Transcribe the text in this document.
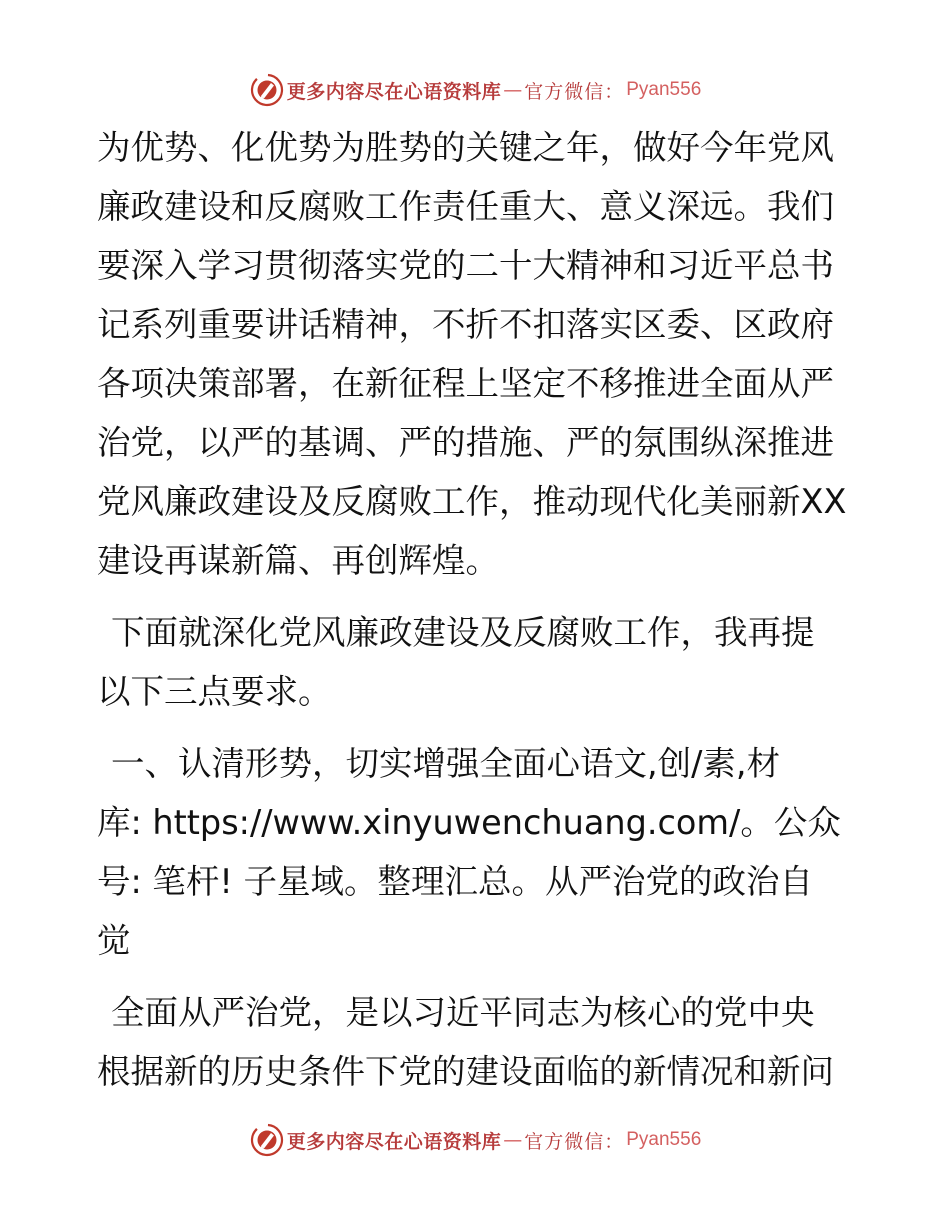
更多内容尽在心语资料库 — 官方微信： Pyan556
为优势、化优势为胜势的关键之年，做好今年党风
廉政建设和反腐败工作责任重大、意义深远。我们
要深入学习贯彻落实党的二十大精神和习近平总书
记系列重要讲话精神，不折不扣落实区委、区政府
各项决策部署，在新征程上坚定不移推进全面从严
治党，以严的基调、严的措施、严的氛围纵深推进
党风廉政建设及反腐败工作，推动现代化美丽新XX
建设再谋新篇、再创辉煌。
下面就深化党风廉政建设及反腐败工作，我再提
以下三点要求。
一、认清形势，切实增强全面心语文,创/素,材
库: https://www.xinyuwenchuang.com/。公众
号: 笔杆! 子星域。整理汇总。从严治党的政治自
觉
全面从严治党，是以习近平同志为核心的党中央
根据新的历史条件下党的建设面临的新情况和新问
更多内容尽在心语资料库 — 官方微信： Pyan556
